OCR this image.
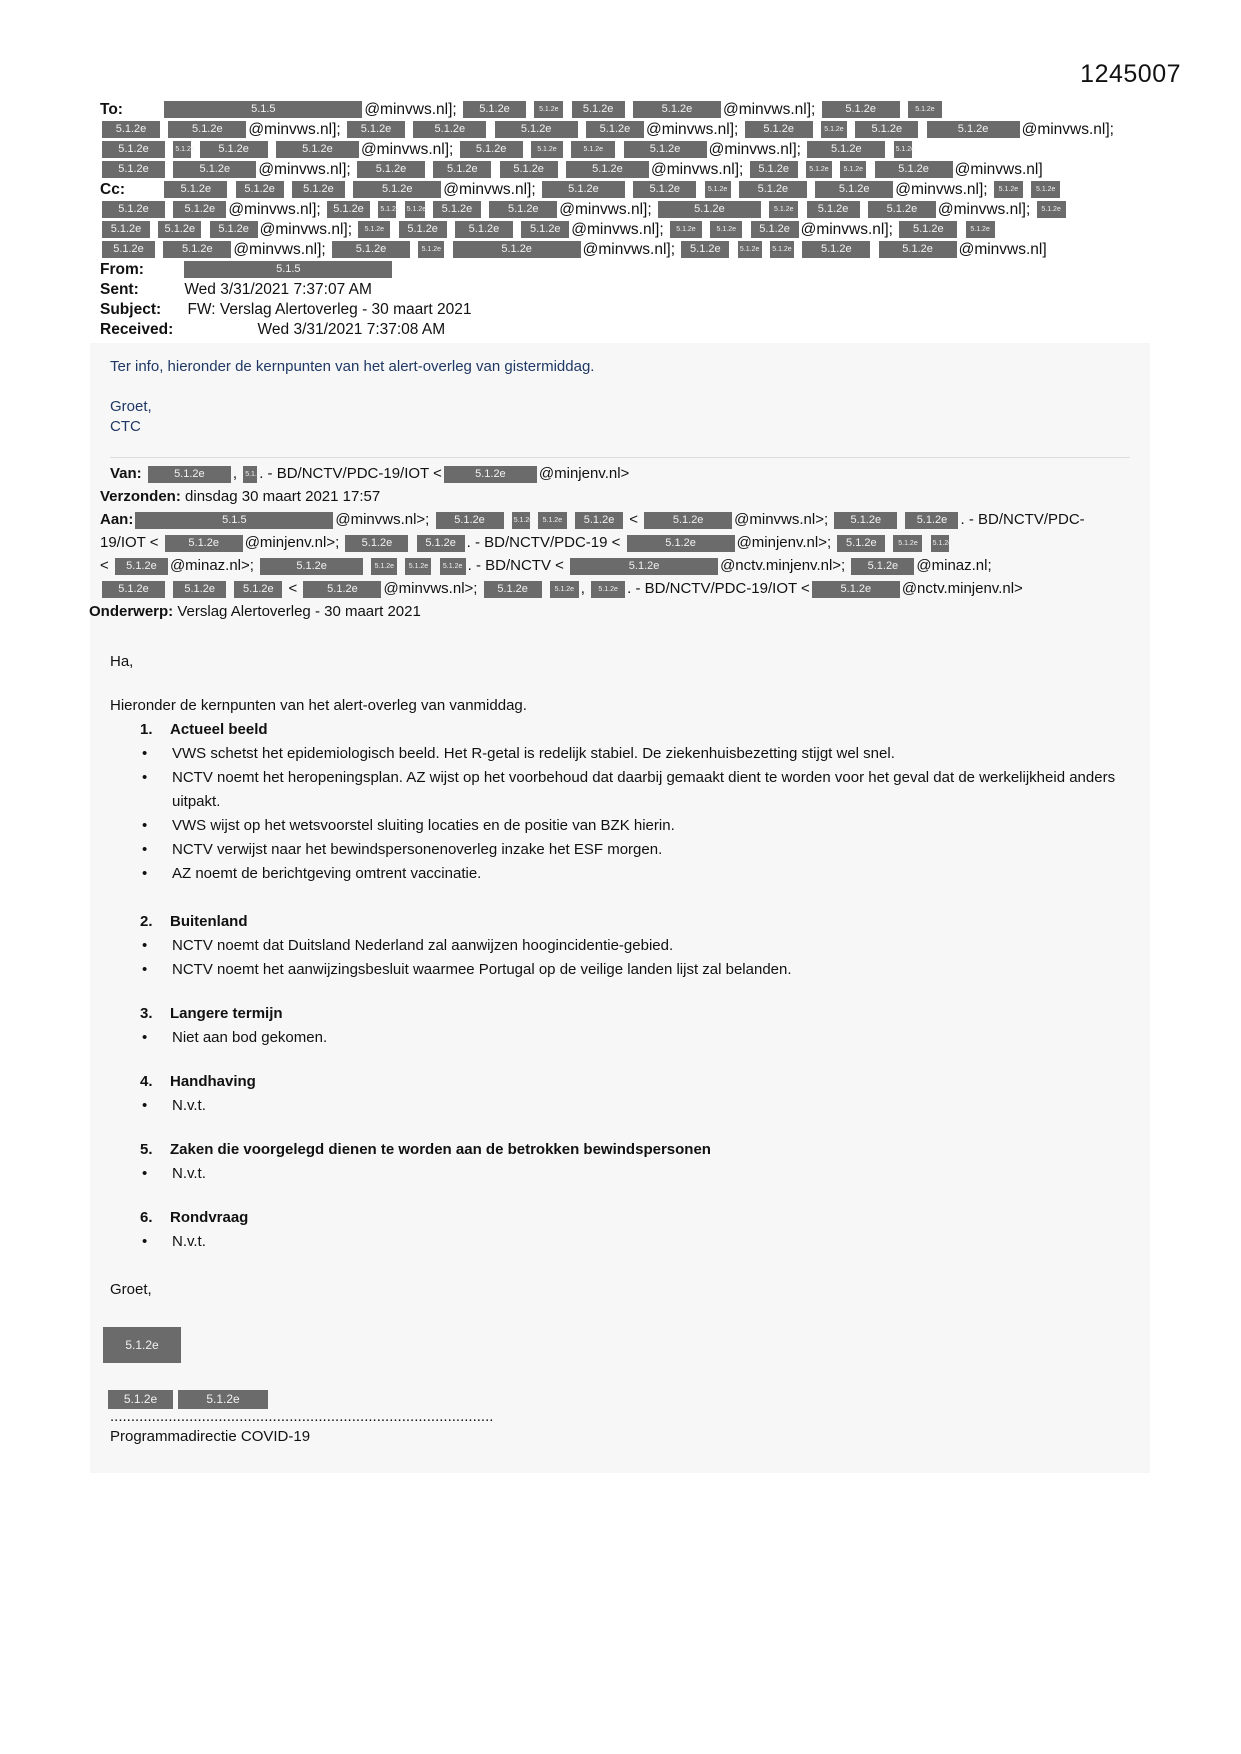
1245007
To:	5.1.5	@minvws.nl]; 5.1.2e	5.1.2e 5.1.2e	5.1.2e @minvws.nl];	5.1.2e	5.1.2e
5.1.2e	5.1.2e @minvws.nl]; 5.1.2e	5.1.2e	5.1.2e	5.1.2e @minvws.nl]; 5.1.2e	5.1.2e	5.1.2e	5.1.2e @minvws.nl];
5.1.2e	5.1.2e 5.1.2e	5.1.2e @minvws.nl]; 5.1.2e	5.1.2e	5.1.2e	5.1.2e @minvws.nl];	5.1.2e	5.1.2e
5.1.2e	5.1.2e @minvws.nl]; 5.1.2e	5.1.2e	5.1.2e	5.1.2e @minvws.nl]; 5.1.2e	5.1.2e 5.1.2e	5.1.2e @minvws.nl]
Cc:	5.1.2e	5.1.2e	5.1.2e	5.1.2e @minvws.nl];	5.1.2e	5.1.2e	5.1.2e	5.1.2e	5.1.2e @minvws.nl]; 5.1.2e	5.1.2e
5.1.2e	5.1.2e @minvws.nl]; 5.1.2e 5.1.2e 5.1.2e 5.1.2e	5.1.2e @minvws.nl];	5.1.2e	5.1.2e 5.1.2e	5.1.2e @minvws.nl]; 5.1.2e
5.1.2e 5.1.2e 5.1.2e @minvws.nl]; 5.1.2e 5.1.2e	5.1.2e	5.1.2e @minvws.nl]; 5.1.2e	5.1.2e 5.1.2e @minvws.nl]; 5.1.2e	5.1.2e
5.1.2e	5.1.2e @minvws.nl];	5.1.2e	5.1.2e	5.1.2e	@minvws.nl]; 5.1.2e	5.1.2e 5.1.2e	5.1.2e	5.1.2e @minvws.nl]
From:	5.1.5
Sent:	Wed 3/31/2021 7:37:07 AM
Subject: FW: Verslag Alertoverleg - 30 maart 2021
Received:	Wed 3/31/2021 7:37:08 AM
Ter info, hieronder de kernpunten van het alert-overleg van gistermiddag.
Groet,
CTC
Van:	5.1.2e , 5.1.2e. - BD/NCTV/PDC-19/IOT <	5.1.2e @minjenv.nl>
Verzonden: dinsdag 30 maart 2021 17:57
Aan:	5.1.5	@minvws.nl>; 5.1.2e	5.1.2e 5.1.2e 5.1.2e <	5.1.2e @minvws.nl>; 5.1.2e	5.1.2e . - BD/NCTV/PDC-
19/IOT <	5.1.2e @minjenv.nl>; 5.1.2e	5.1.2e . - BD/NCTV/PDC-19 <	5.1.2e	@minjenv.nl>; 5.1.2e	5.1.2e 5.1.2e
< 5.1.2e @minaz.nl>;	5.1.2e	5.1.2e 5.1.2e 5.1.2e . - BD/NCTV <	5.1.2e	@nctv.minjenv.nl>; 5.1.2e @minaz.nl;
5.1.2e	5.1.2e	5.1.2e < 5.1.2e @minvws.nl>; 5.1.2e	5.1.2e , 5.1.2e . - BD/NCTV/PDC-19/IOT <	5.1.2e @nctv.minjenv.nl>
Onderwerp: Verslag Alertoverleg - 30 maart 2021

Ha,

Hieronder de kernpunten van het alert-overleg van vanmiddag.

1. Actueel beeld
• VWS schetst het epidemiologisch beeld. Het R-getal is redelijk stabiel. De ziekenhuisbezetting stijgt wel snel.
• NCTV noemt het heropeningsplan. AZ wijst op het voorbehoud dat daarbij gemaakt dient te worden voor het geval dat de werkelijkheid anders uitpakt.
• VWS wijst op het wetsvoorstel sluiting locaties en de positie van BZK hierin.
• NCTV verwijst naar het bewindspersonenoverleg inzake het ESF morgen.
• AZ noemt de berichtgeving omtrent vaccinatie.
2. Buitenland
• NCTV noemt dat Duitsland Nederland zal aanwijzen hoogincidentie-gebied.
• NCTV noemt het aanwijzingsbesluit waarmee Portugal op de veilige landen lijst zal belanden.
3. Langere termijn
• Niet aan bod gekomen.
4. Handhaving
• N.v.t.
5. Zaken die voorgelegd dienen te worden aan de betrokken bewindspersonen
• N.v.t.
6. Rondvraag
• N.v.t.

Groet,

5.1.2e
5.1.2e	5.1.2e
............................................................................................
Programmadirectie COVID-19
